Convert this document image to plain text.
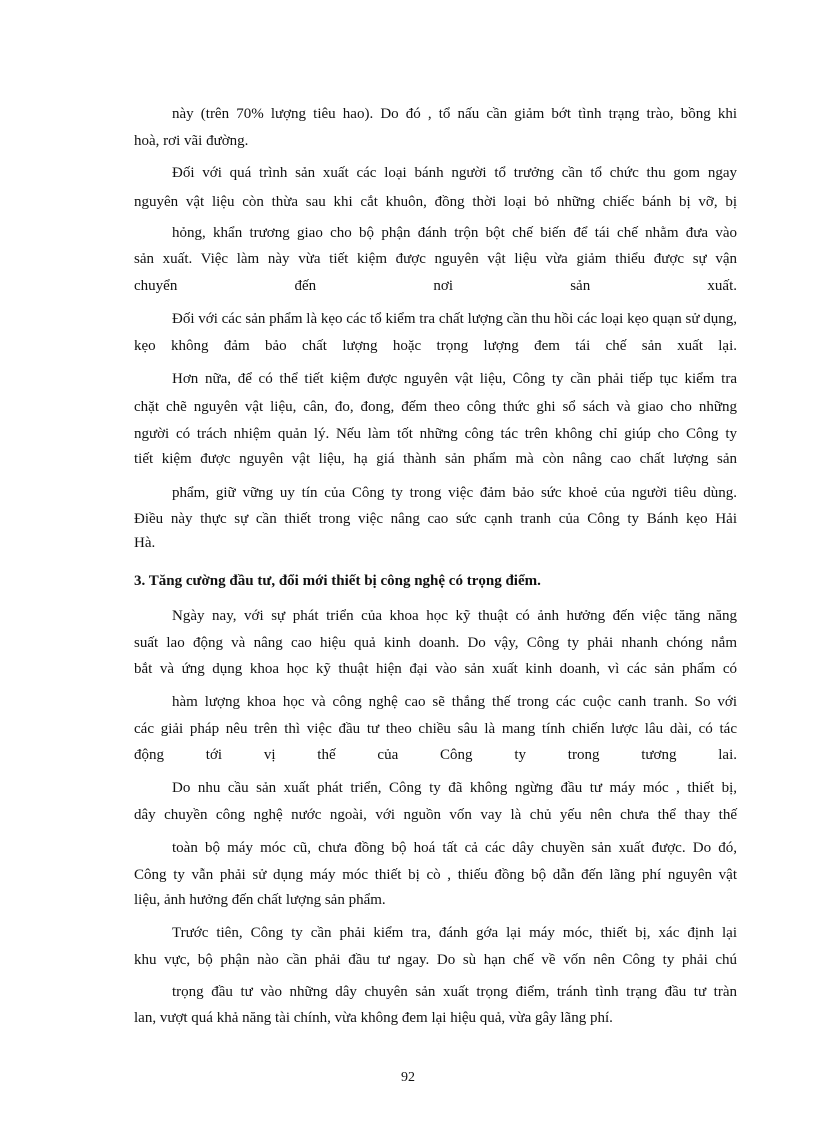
này (trên 70% lượng tiêu hao). Do đó , tổ nấu cần giảm bớt tình trạng trào, bồng khi
hoà, rơi vãi đường.
Đối với quá trình sản xuất các loại bánh người tổ trưởng cần tổ chức thu gom ngay
nguyên vật liệu còn thừa sau khi cắt khuôn, đồng thời loại bỏ những chiếc bánh bị vỡ, bị
hỏng, khẩn trương giao cho bộ phận đánh trộn bột chế biến để tái chế nhằm đưa vào
sản xuất. Việc làm này vừa tiết kiệm được nguyên vật liệu vừa giảm thiểu được sự vận
chuyển đến nơi sản xuất.
Đối với các sản phẩm là kẹo các tổ kiểm tra chất lượng cần thu hồi các loại kẹo quạn sử dụng,
kẹo không đảm bảo chất lượng hoặc trọng lượng đem tái chế sản xuất lại.
Hơn nữa, để có thể tiết kiệm được nguyên vật liệu, Công ty cần phải tiếp tục kiểm tra
chặt chẽ nguyên vật liệu, cân, đo, đong, đếm theo công thức ghi sổ sách và giao cho những
người có trách nhiệm quản lý. Nếu làm tốt những công tác trên không chỉ giúp cho Công ty
tiết kiệm được nguyên vật liệu, hạ giá thành sản phẩm mà còn nâng cao chất lượng sản
phẩm, giữ vững uy tín của Công ty trong việc đảm bảo sức khoẻ của người tiêu dùng.
Điều này thực sự cần thiết trong việc nâng cao sức cạnh tranh của Công ty Bánh kẹo Hải
Hà.
3. Tăng cường đầu tư, đổi mới thiết bị công nghệ có trọng điểm.
Ngày nay, với sự phát triển của khoa học kỹ thuật có ảnh hưởng đến việc tăng năng
suất lao động và nâng cao hiệu quả kinh doanh. Do vậy, Công ty phải nhanh chóng nắm
bắt và ứng dụng khoa học kỹ thuật hiện đại vào sản xuất kinh doanh, vì các sản phẩm có
hàm lượng khoa học và công nghệ cao sẽ thắng thế trong các cuộc canh tranh. So với
các giải pháp nêu trên thì việc đầu tư theo chiều sâu là mang tính chiến lược lâu dài, có tác
động tới vị thế của Công ty trong tương lai.
Do nhu cầu sản xuất phát triển, Công ty đã không ngừng đầu tư máy móc , thiết bị,
dây chuyền công nghệ nước ngoài, với nguồn vốn vay là chủ yếu nên chưa thể thay thế
toàn bộ máy móc cũ, chưa đồng bộ hoá tất cả các dây chuyền sản xuất được. Do đó,
Công ty vẫn phải sử dụng máy móc thiết bị cò , thiếu đồng bộ dẫn đến lãng phí nguyên vật
liệu, ảnh hưởng đến chất lượng sản phẩm.
Trước tiên, Công ty cần phải kiểm tra, đánh gớa lại máy móc, thiết bị, xác định lại
khu vực, bộ phận nào cần phải đầu tư ngay. Do sù hạn chế về vốn nên Công ty phải chú
trọng đầu tư vào những dây chuyên sản xuất trọng điểm, tránh tình trạng đầu tư tràn
lan, vượt quá khả năng tài chính, vừa không đem lại hiệu quả, vừa gây lãng phí.
92
